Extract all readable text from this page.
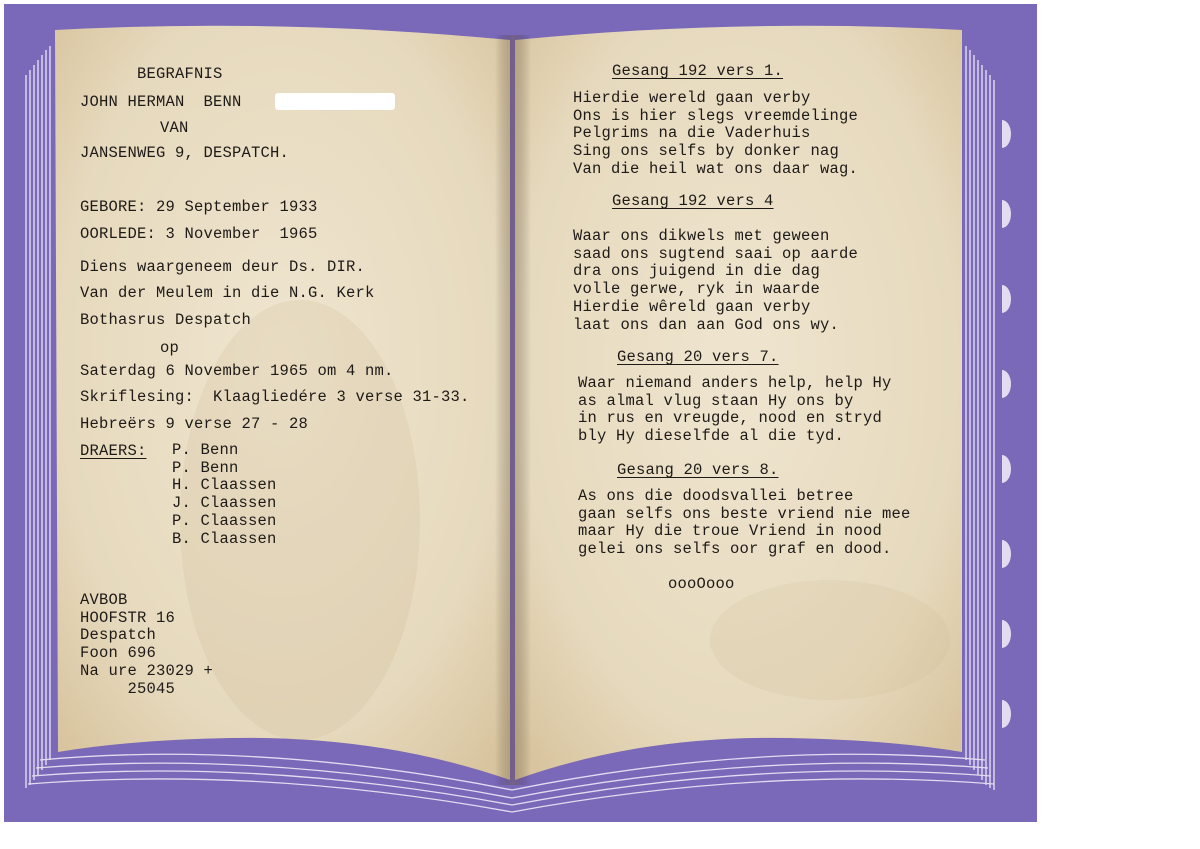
BEGRAFNIS
JOHN HERMAN  BENN
VAN
JANSENWEG 9, DESPATCH.
GEBORE: 29 September 1933
OORLEDE: 3 November  1965
Diens waargeneem deur Ds. DIR.
Van der Meulem in die N.G. Kerk
Bothasrus Despatch
op
Saterdag 6 November 1965 om 4 nm.
Skriflesing:  Klaagliedére 3 verse 31-33.
Hebreërs 9 verse 27 - 28
DRAERS: P. Benn
P. Benn
H. Claassen
J. Claassen
P. Claassen
B. Claassen
AVBOB
HOOFSTR 16
Despatch
Foon 696
Na ure 23029 +
25045
Gesang 192 vers 1.
Hierdie wereld gaan verby
Ons is hier slegs vreemdelinge
Pelgrims na die Vaderhuis
Sing ons selfs by donker nag
Van die heil wat ons daar wag.
Gesang 192 vers 4
Waar ons dikwels met geween
saad ons sugtend saai op aarde
dra ons juigend in die dag
volle gerwe, ryk in waarde
Hierdie wêreld gaan verby
laat ons dan aan God ons wy.
Gesang 20 vers 7.
Waar niemand anders help, help Hy
as almal vlug staan Hy ons by
in rus en vreugde, nood en stryd
bly Hy dieselfde al die tyd.
Gesang 20 vers 8.
As ons die doodsvallei betree
gaan selfs ons beste vriend nie mee
maar Hy die troue Vriend in nood
gelei ons selfs oor graf en dood.
oooOooo
